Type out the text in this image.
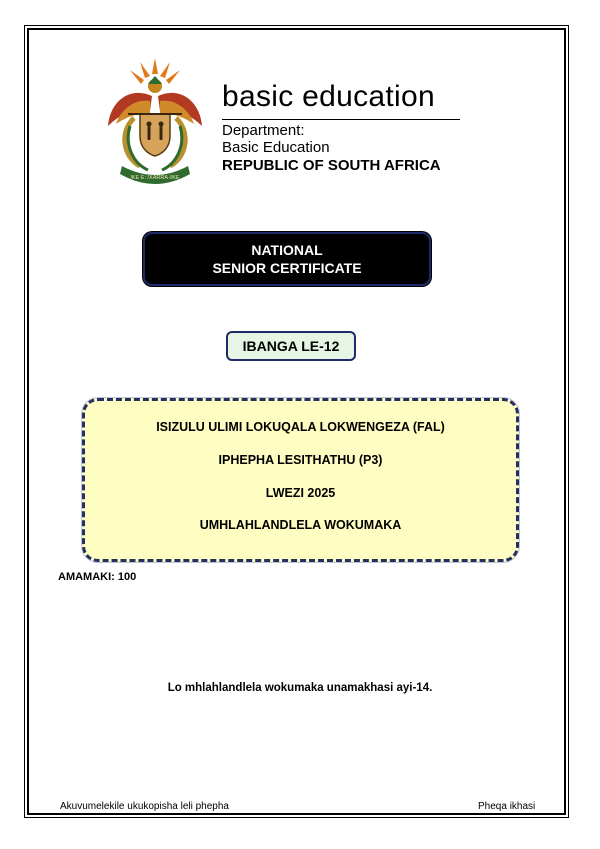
!KE E: /XARRA //KE
basic education
Department:
Basic Education
REPUBLIC OF SOUTH AFRICA
NATIONAL
SENIOR CERTIFICATE
IBANGA LE-12
ISIZULU ULIMI LOKUQALA LOKWENGEZA (FAL)
IPHEPHA LESITHATHU (P3)
LWEZI 2025
UMHLAHLANDLELA WOKUMAKA
AMAMAKI: 100
Lo mhlahlandlela wokumaka unamakhasi ayi-14.
Akuvumelekile ukukopisha leli phepha	Pheqa ikhasi
